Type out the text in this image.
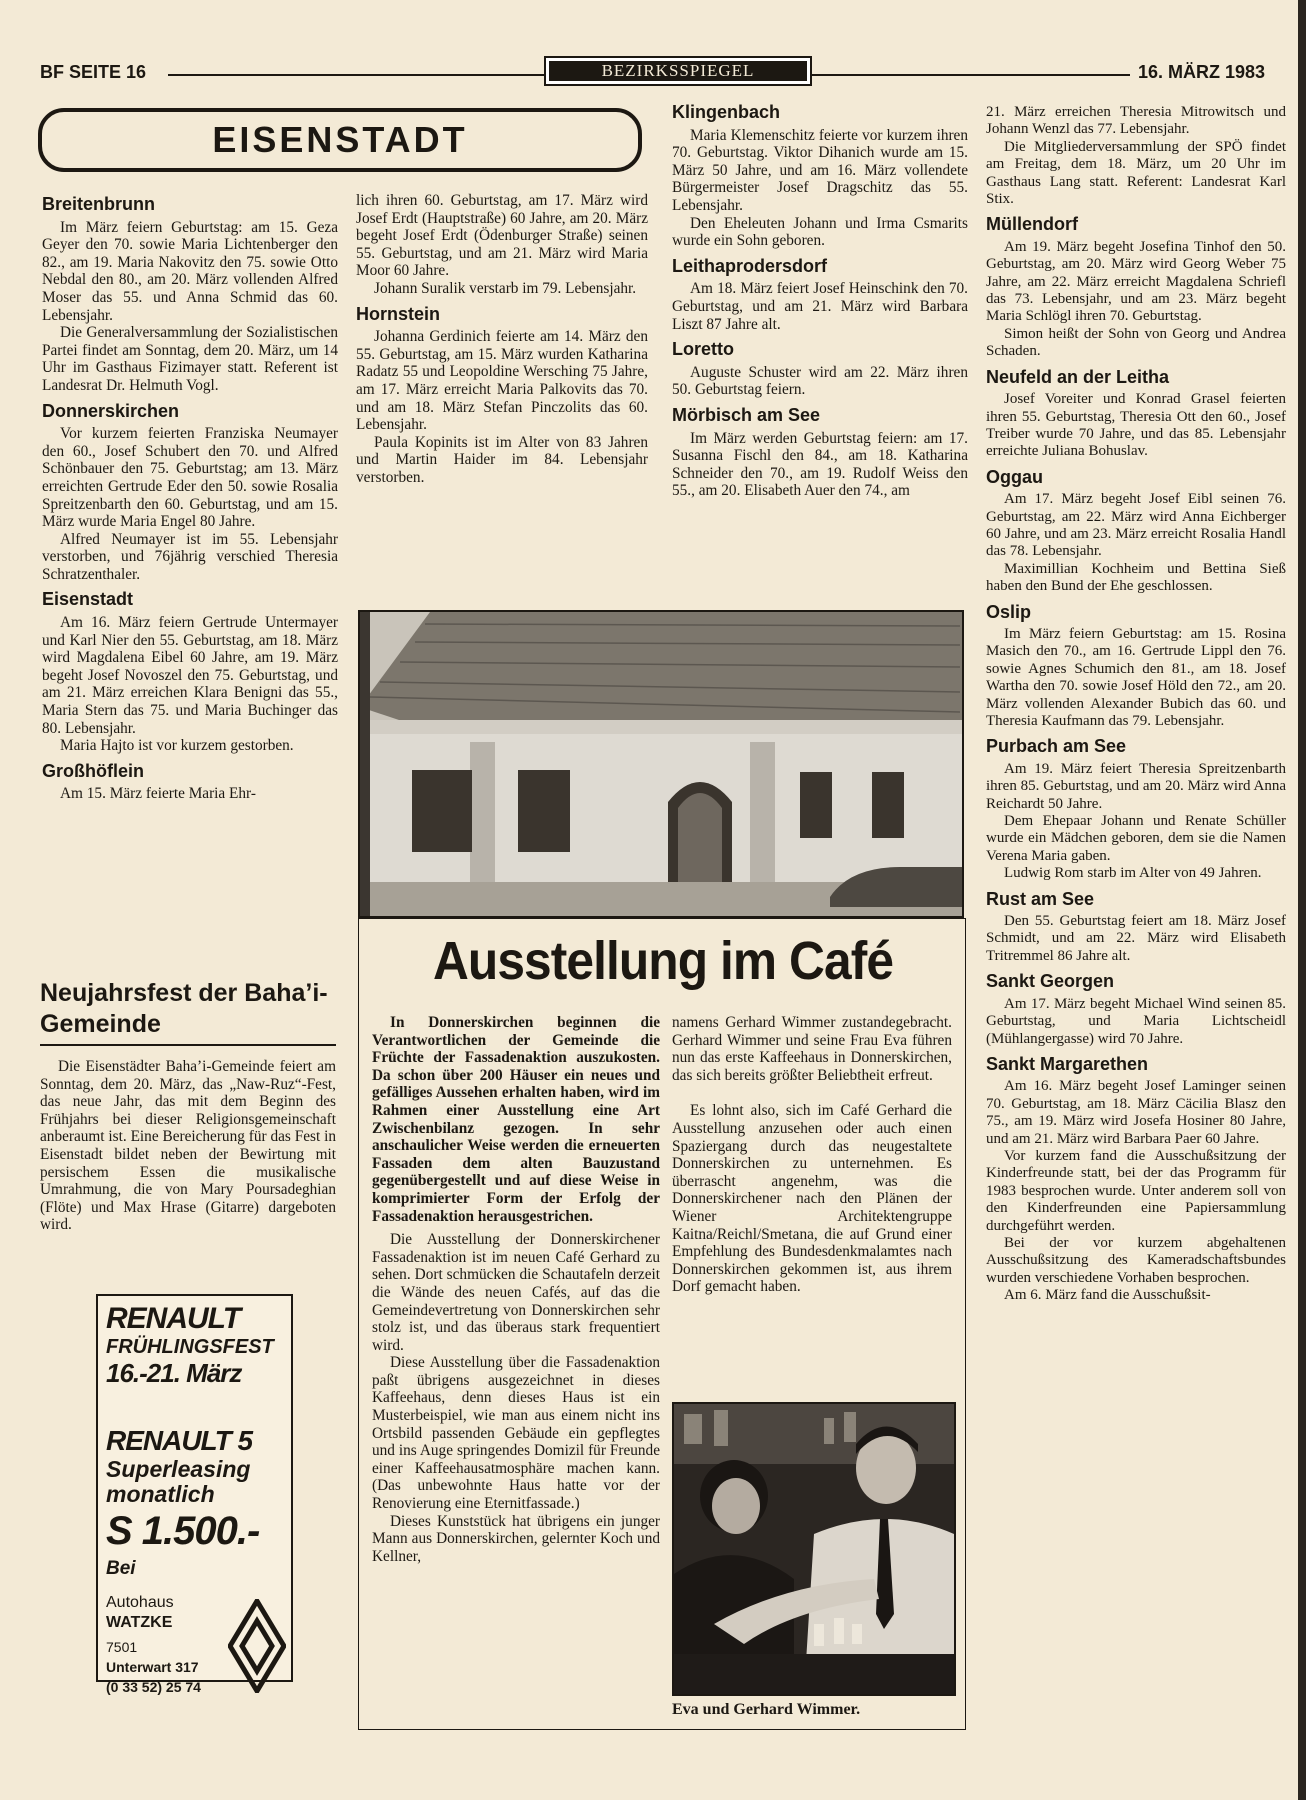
BF SEITE 16	BEZIRKSSPIEGEL	16. MÄRZ 1983
EISENSTADT
Breitenbrunn

Im März feiern Geburtstag: am 15. Geza Geyer den 70. sowie Maria Lichtenberger den 82., am 19. Maria Nakovitz den 75. sowie Otto Nebdal den 80., am 20. März vollenden Alfred Moser das 55. und Anna Schmid das 60. Lebensjahr.

Die Generalversammlung der Sozialistischen Partei findet am Sonntag, dem 20. März, um 14 Uhr im Gasthaus Fizimayer statt. Referent ist Landesrat Dr. Helmuth Vogl.

Donnerskirchen

Vor kurzem feierten Franziska Neumayer den 60., Josef Schubert den 70. und Alfred Schönbauer den 75. Geburtstag; am 13. März erreichten Gertrude Eder den 50. sowie Rosalia Spreitzenbarth den 60. Geburtstag, und am 15. März wurde Maria Engel 80 Jahre.

Alfred Neumayer ist im 55. Lebensjahr verstorben, und 76jährig verschied Theresia Schratzenthaler.

Eisenstadt

Am 16. März feiern Gertrude Untermayer und Karl Nier den 55. Geburtstag, am 18. März wird Magdalena Eibel 60 Jahre, am 19. März begeht Josef Novoszel den 75. Geburtstag, und am 21. März erreichen Klara Benigni das 55., Maria Stern das 75. und Maria Buchinger das 80. Lebensjahr.

Maria Hajto ist vor kurzem gestorben.

Großhöflein

Am 15. März feierte Maria Ehr-

lich ihren 60. Geburtstag, am 17. März wird Josef Erdt (Hauptstraße) 60 Jahre, am 20. März begeht Josef Erdt (Ödenburger Straße) seinen 55. Geburtstag, und am 21. März wird Maria Moor 60 Jahre.

Johann Suralik verstarb im 79. Lebensjahr.

Hornstein

Johanna Gerdinich feierte am 14. März den 55. Geburtstag, am 15. März wurden Katharina Radatz 55 und Leopoldine Wersching 75 Jahre, am 17. März erreicht Maria Palkovits das 70. und am 18. März Stefan Pinczolits das 60. Lebensjahr.

Paula Kopinits ist im Alter von 83 Jahren und Martin Haider im 84. Lebensjahr verstorben.

Klingenbach

Maria Klemenschitz feierte vor kurzem ihren 70. Geburtstag. Viktor Dihanich wurde am 15. März 50 Jahre, und am 16. März vollendete Bürgermeister Josef Dragschitz das 55. Lebensjahr.

Den Eheleuten Johann und Irma Csmarits wurde ein Sohn geboren.

Leithaprodersdorf

Am 18. März feiert Josef Heinschink den 70. Geburtstag, und am 21. März wird Barbara Liszt 87 Jahre alt.

Loretto

Auguste Schuster wird am 22. März ihren 50. Geburtstag feiern.

Mörbisch am See

Im März werden Geburtstag feiern: am 17. Susanna Fischl den 84., am 18. Katharina Schneider den 70., am 19. Rudolf Weiss den 55., am 20. Elisabeth Auer den 74., am

21. März erreichen Theresia Mitrowitsch und Johann Wenzl das 77. Lebensjahr.

Die Mitgliederversammlung der SPÖ findet am Freitag, dem 18. März, um 20 Uhr im Gasthaus Lang statt. Referent: Landesrat Karl Stix.

Müllendorf

Am 19. März begeht Josefina Tinhof den 50. Geburtstag, am 20. März wird Georg Weber 75 Jahre, am 22. März erreicht Magdalena Schriefl das 73. Lebensjahr, und am 23. März begeht Maria Schlögl ihren 70. Geburtstag.

Simon heißt der Sohn von Georg und Andrea Schaden.

Neufeld an der Leitha

Josef Voreiter und Konrad Grasel feierten ihren 55. Geburtstag, Theresia Ott den 60., Josef Treiber wurde 70 Jahre, und das 85. Lebensjahr erreichte Juliana Bohuslav.

Oggau

Am 17. März begeht Josef Eibl seinen 76. Geburtstag, am 22. März wird Anna Eichberger 60 Jahre, und am 23. März erreicht Rosalia Handl das 78. Lebensjahr.

Maximillian Kochheim und Bettina Sieß haben den Bund der Ehe geschlossen.

Oslip

Im März feiern Geburtstag: am 15. Rosina Masich den 70., am 16. Gertrude Lippl den 76. sowie Agnes Schumich den 81., am 18. Josef Wartha den 70. sowie Josef Höld den 72., am 20. März vollenden Alexander Bubich das 60. und Theresia Kaufmann das 79. Lebensjahr.

Purbach am See

Am 19. März feiert Theresia Spreitzenbarth ihren 85. Geburtstag, und am 20. März wird Anna Reichardt 50 Jahre.

Dem Ehepaar Johann und Renate Schüller wurde ein Mädchen geboren, dem sie die Namen Verena Maria gaben.

Ludwig Rom starb im Alter von 49 Jahren.

Rust am See

Den 55. Geburtstag feiert am 18. März Josef Schmidt, und am 22. März wird Elisabeth Tritremmel 86 Jahre alt.

Sankt Georgen

Am 17. März begeht Michael Wind seinen 85. Geburtstag, und Maria Lichtscheidl (Mühlangergasse) wird 70 Jahre.

Sankt Margarethen

Am 16. März begeht Josef Laminger seinen 70. Geburtstag, am 18. März Cäcilia Blasz den 75., am 19. März wird Josefa Hosiner 80 Jahre, und am 21. März wird Barbara Paer 60 Jahre.

Vor kurzem fand die Ausschußsitzung der Kinderfreunde statt, bei der das Programm für 1983 besprochen wurde. Unter anderem soll von den Kinderfreunden eine Papiersammlung durchgeführt werden.

Bei der vor kurzem abgehaltenen Ausschußsitzung des Kameradschaftsbundes wurden verschiedene Vorhaben besprochen.

Am 6. März fand die Ausschußsit-

Neujahrsfest der Baha’i-Gemeinde

Die Eisenstädter Baha’i-Gemeinde feiert am Sonntag, dem 20. März, das „Naw-Ruz“-Fest, das neue Jahr, das mit dem Beginn des Frühjahrs bei dieser Religionsgemeinschaft anberaumt ist. Eine Bereicherung für das Fest in Eisenstadt bildet neben der Bewirtung mit persischem Essen die musikalische Umrahmung, die von Mary Poursadeghian (Flöte) und Max Hrase (Gitarre) dargeboten wird.

RENAULT
FRÜHLINGSFEST
16.-21. März
RENAULT 5
Superleasing
monatlich
S 1.500.-
Bei
Autohaus
WATZKE
7501
Unterwart 317
(0 33 52) 25 74
Ausstellung im Café

In Donnerskirchen beginnen die Verantwortlichen der Gemeinde die Früchte der Fassadenaktion auszukosten. Da schon über 200 Häuser ein neues und gefälliges Aussehen erhalten haben, wird im Rahmen einer Ausstellung eine Art Zwischenbilanz gezogen. In sehr anschaulicher Weise werden die erneuerten Fassaden dem alten Bauzustand gegenübergestellt und auf diese Weise in komprimierter Form der Erfolg der Fassadenaktion herausgestrichen.

Die Ausstellung der Donnerskirchener Fassadenaktion ist im neuen Café Gerhard zu sehen. Dort schmücken die Schautafeln derzeit die Wände des neuen Cafés, auf das die Gemeindevertretung von Donnerskirchen sehr stolz ist, und das überaus stark frequentiert wird.

Diese Ausstellung über die Fassadenaktion paßt übrigens ausgezeichnet in dieses Kaffeehaus, denn dieses Haus ist ein Musterbeispiel, wie man aus einem nicht ins Ortsbild passenden Gebäude ein gepflegtes und ins Auge springendes Domizil für Freunde einer Kaffeehausatmosphäre machen kann. (Das unbewohnte Haus hatte vor der Renovierung eine Eternitfassade.)

Dieses Kunststück hat übrigens ein junger Mann aus Donnerskirchen, gelernter Koch und Kellner,

namens Gerhard Wimmer zustandegebracht. Gerhard Wimmer und seine Frau Eva führen nun das erste Kaffeehaus in Donnerskirchen, das sich bereits größter Beliebtheit erfreut.

Es lohnt also, sich im Café Gerhard die Ausstellung anzusehen oder auch einen Spaziergang durch das neugestaltete Donnerskirchen zu unternehmen. Es überrascht angenehm, was die Donnerskirchener nach den Plänen der Wiener Architektengruppe Kaitna/Reichl/Smetana, die auf Grund einer Empfehlung des Bundesdenkmalamtes nach Donnerskirchen gekommen ist, aus ihrem Dorf gemacht haben.

Eva und Gerhard Wimmer.
